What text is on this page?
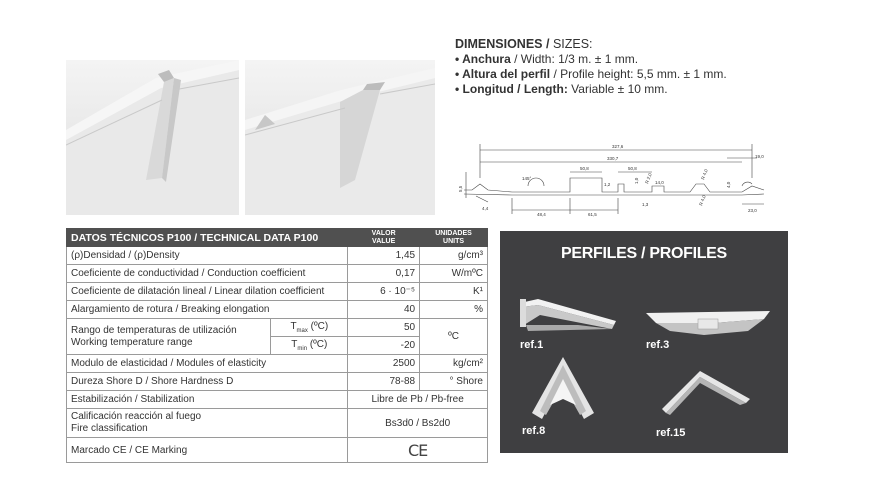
DIMENSIONES / SIZES:
• Anchura / Width: 1/3 m. ± 1 mm.
• Altura del perfil / Profile height: 5,5 mm. ± 1 mm.
• Longitud / Length: Variable ± 10 mm.
327,6
330,7
50,8	50,8
19,0
1,2	14,0
R 4,0
R 4,0
R 2,0
145°
4,4
1,3
48,4	61,5
23,0
4,0
1,0
5,5
DATOS TÉCNICOS P100 / TECHNICAL DATA P100		VALOR
VALUE	UNIDADES
UNITS
(ρ)Densidad / (ρ)Density		1,45	g/cm³
Coeficiente de conductividad / Conduction coefficient		0,17	W/mºC
Coeficiente de dilatación lineal / Linear dilation coefficient		6 · 10⁻⁵	K¹
Alargamiento de rotura / Breaking elongation		40	%
Rango de temperaturas de utilización
Working temperature range	$T_{max}$ (ºC)	50	ºC
	$T_{min}$ (ºC)	-20	
Modulo de elasticidad / Modules of elasticity		2500	kg/cm²
Dureza Shore D / Shore Hardness D		78-88	° Shore
Estabilización / Stabilization		Libre de Pb / Pb-free	
Calificación reacción al fuego
Fire classification		Bs3d0 / Bs2d0	
Marcado CE / CE Marking		CE	
PERFILES / PROFILES
ref.1	ref.3
ref.8	ref.15
